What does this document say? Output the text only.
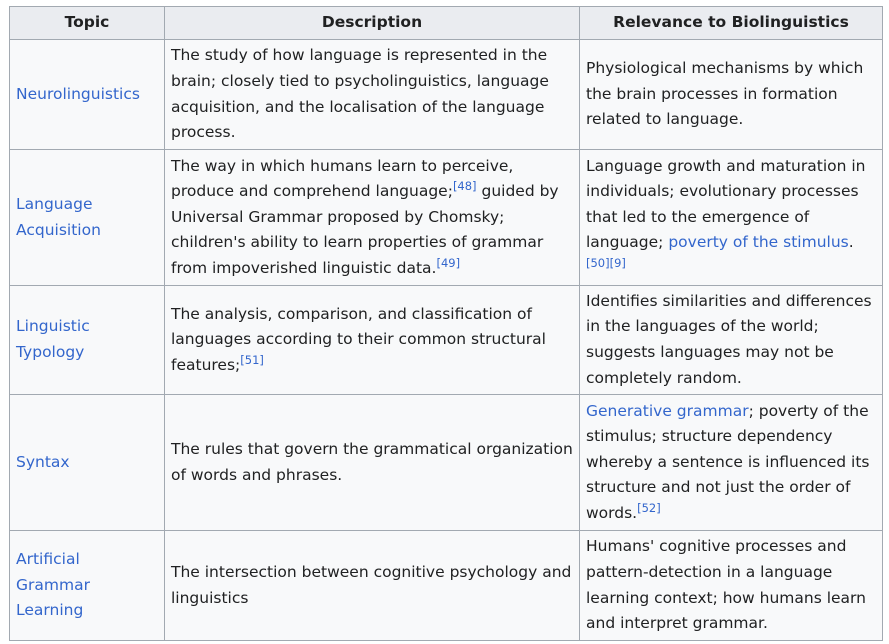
Topic	Description	Relevance to Biolinguistics
Neurolinguistics	The study of how language is represented in the brain; closely tied to psycholinguistics, language acquisition, and the localisation of the language process.	Physiological mechanisms by which the brain processes in formation related to language.
Language Acquisition	The way in which humans learn to perceive, produce and comprehend language;[48] guided by Universal Grammar proposed by Chomsky; children's ability to learn properties of grammar from impoverished linguistic data.[49]	Language growth and maturation in individuals; evolutionary processes that led to the emergence of language; poverty of the stimulus.[50][9]
Linguistic Typology	The analysis, comparison, and classification of languages according to their common structural features;[51]	Identifies similarities and differences in the languages of the world; suggests languages may not be completely random.
Syntax	The rules that govern the grammatical organization of words and phrases.	Generative grammar; poverty of the stimulus; structure dependency whereby a sentence is influenced its structure and not just the order of words.[52]
Artificial Grammar Learning	The intersection between cognitive psychology and linguistics	Humans' cognitive processes and pattern-detection in a language learning context; how humans learn and interpret grammar.
